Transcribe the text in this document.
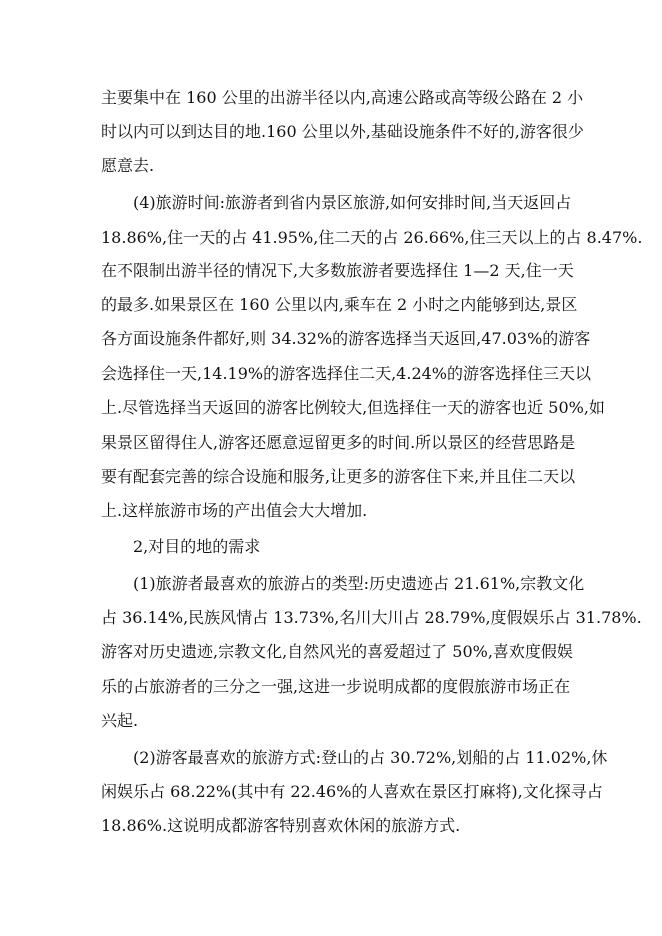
主要集中在 160 公里的出游半径以内,高速公路或高等级公路在 2 小
时以内可以到达目的地.160 公里以外,基础设施条件不好的,游客很少
愿意去.
(4)旅游时间:旅游者到省内景区旅游,如何安排时间,当天返回占
18.86%,住一天的占 41.95%,住二天的占 26.66%,住三天以上的占 8.47%.
在不限制出游半径的情况下,大多数旅游者要选择住 1—2 天,住一天
的最多.如果景区在 160 公里以内,乘车在 2 小时之内能够到达,景区
各方面设施条件都好,则 34.32%的游客选择当天返回,47.03%的游客
会选择住一天,14.19%的游客选择住二天,4.24%的游客选择住三天以
上.尽管选择当天返回的游客比例较大,但选择住一天的游客也近 50%,如
果景区留得住人,游客还愿意逗留更多的时间.所以景区的经营思路是
要有配套完善的综合设施和服务,让更多的游客住下来,并且住二天以
上.这样旅游市场的产出值会大大增加.
2,对目的地的需求
(1)旅游者最喜欢的旅游占的类型:历史遗迹占 21.61%,宗教文化
占 36.14%,民族风情占 13.73%,名川大川占 28.79%,度假娱乐占 31.78%.
游客对历史遗迹,宗教文化,自然风光的喜爱超过了 50%,喜欢度假娱
乐的占旅游者的三分之一强,这进一步说明成都的度假旅游市场正在
兴起.
(2)游客最喜欢的旅游方式:登山的占 30.72%,划船的占 11.02%,休
闲娱乐占 68.22%(其中有 22.46%的人喜欢在景区打麻将),文化探寻占
18.86%.这说明成都游客特别喜欢休闲的旅游方式.
